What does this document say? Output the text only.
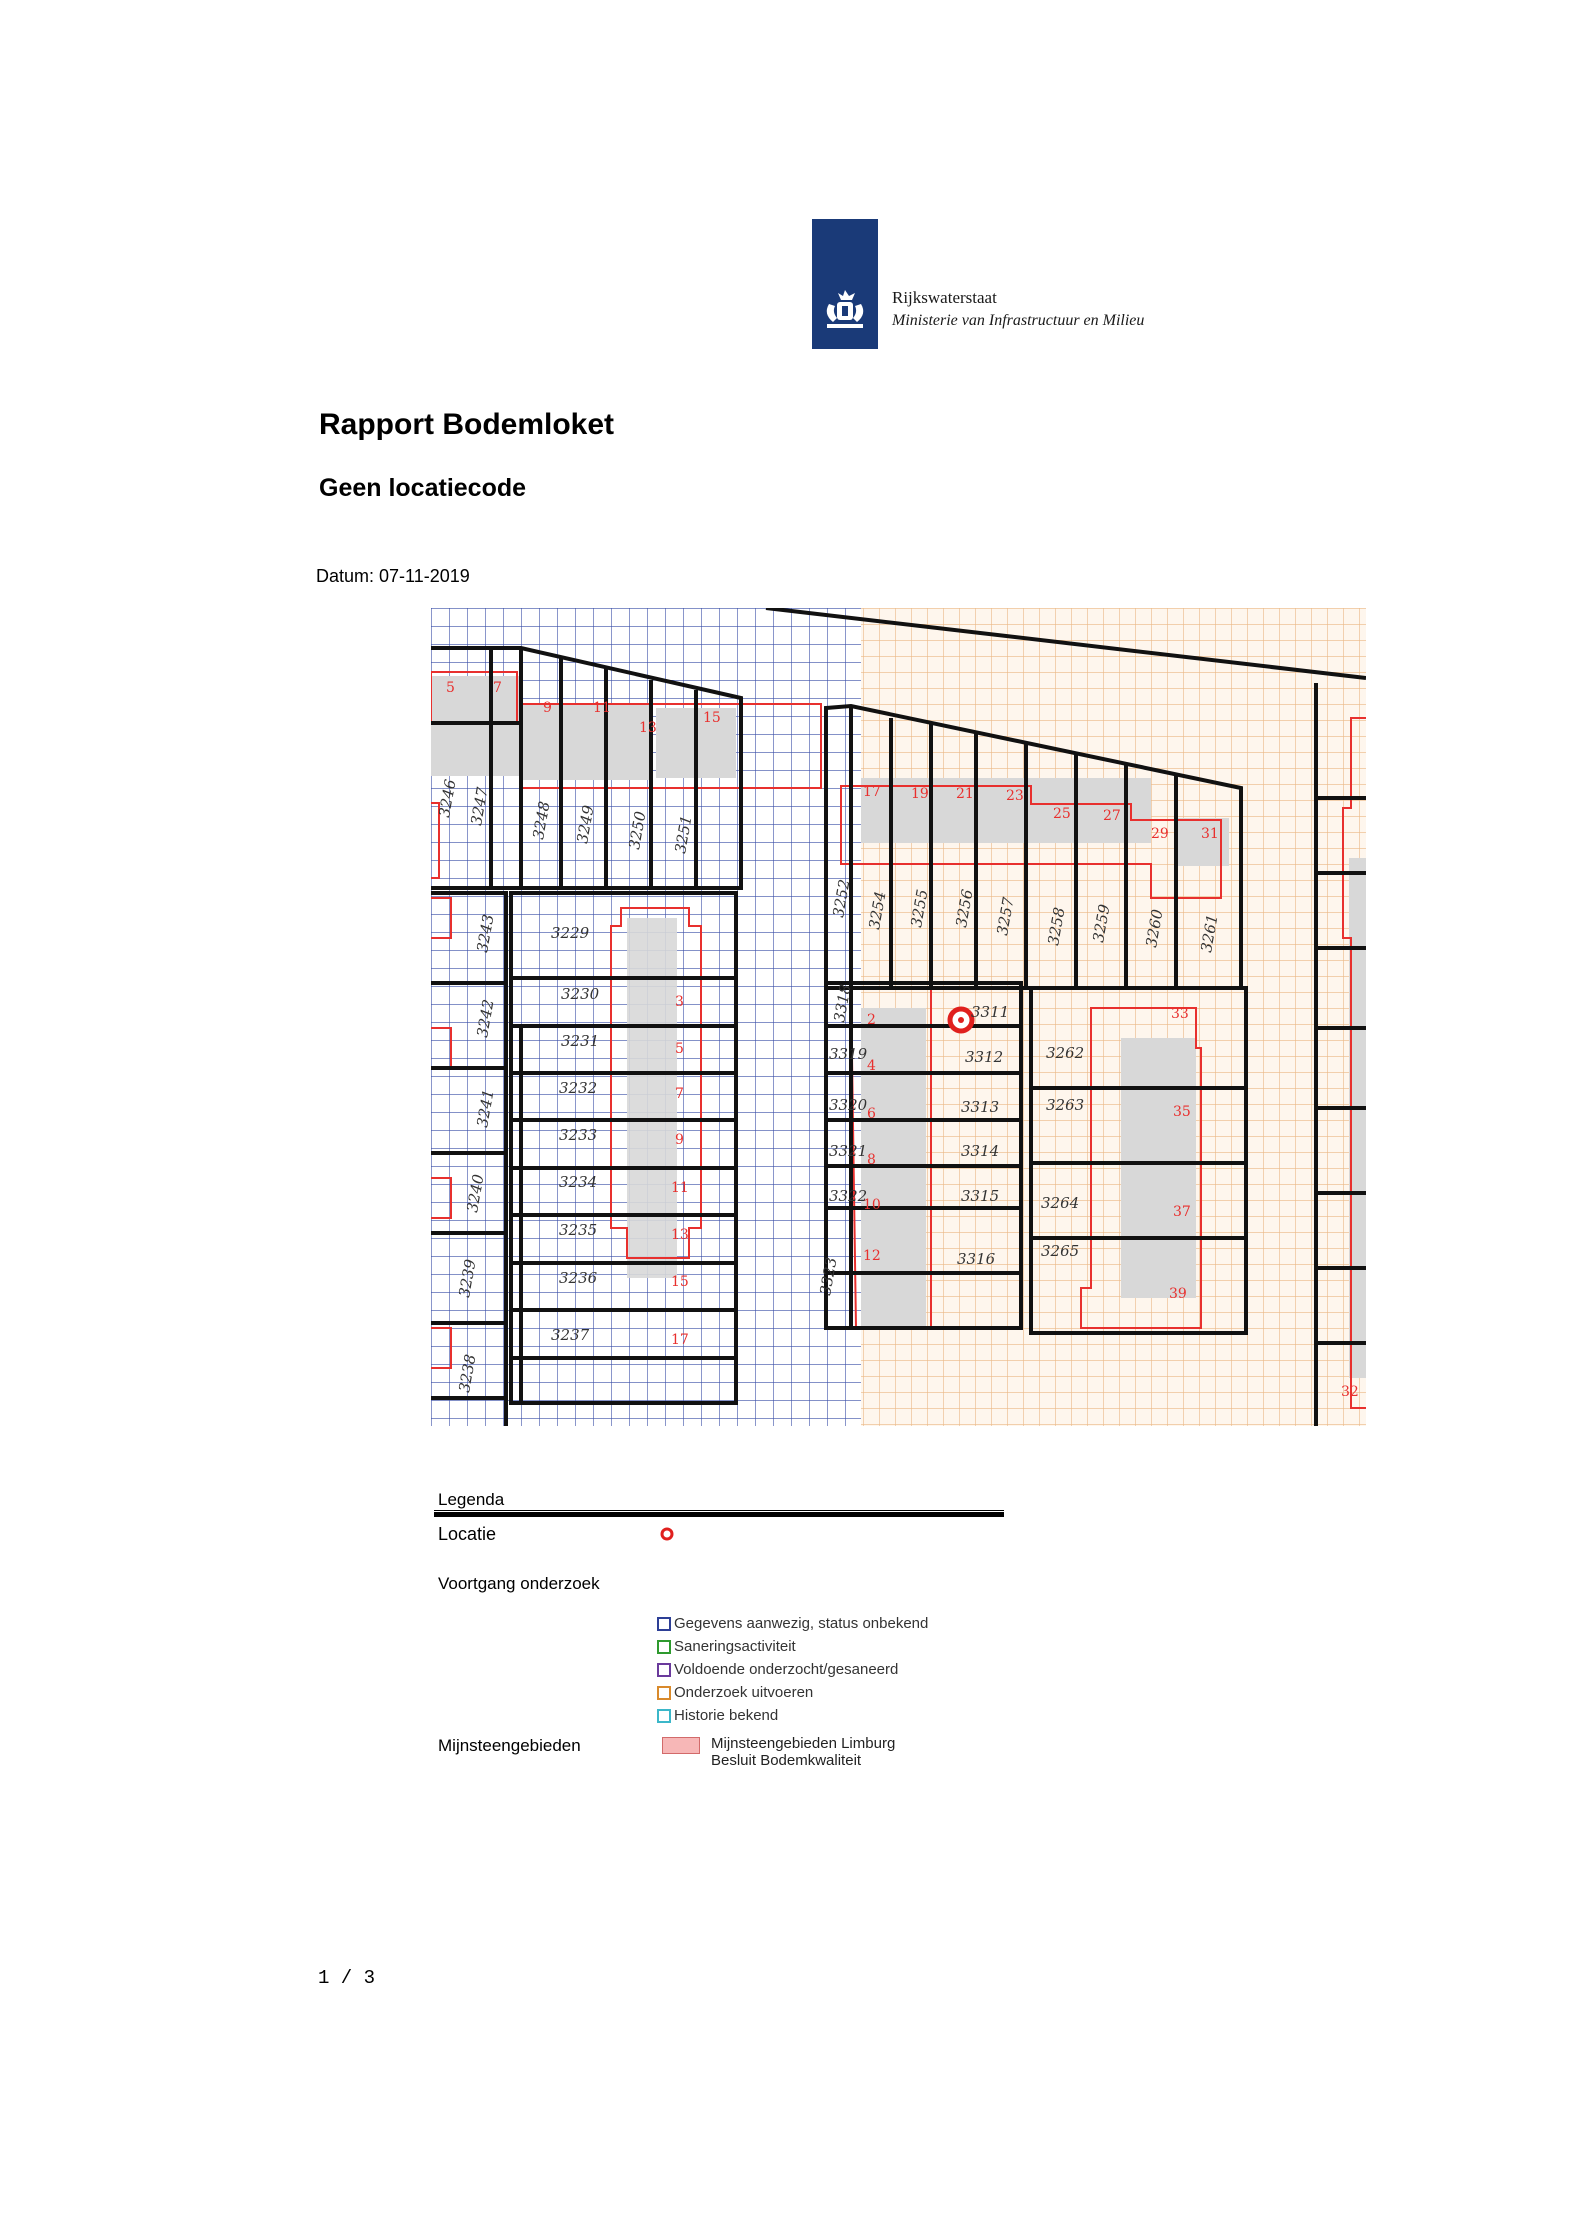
Rijkswaterstaat
Ministerie van Infrastructuur en Milieu
Rapport Bodemloket
Geen locatiecode
Datum: 07-11-2019
3246 3247	3248 3249 3250 3251
3243
3242
3241
3240
3239
3238
3229
3230
3231
3232
3233
3234
3235
3236
3237
3252 3254 3255 3256 3257 3258 3259 3260 3261
3311
3312
3313
3314
3315
3316
3318
3319
3320
3321
3322
3323
3262
3263
3264
3265
5	7
9	11
13
15
3
5
7
9
11
13
15
17
17 19 21 23
25 27
29 31
2
4
6
8
10
12
33
35
37
39
32
Legenda
Locatie
Voortgang onderzoek
Gegevens aanwezig, status onbekend
Saneringsactiviteit
Voldoende onderzocht/gesaneerd
Onderzoek uitvoeren
Historie bekend
Mijnsteengebieden	Mijnsteengebieden Limburg
Besluit Bodemkwaliteit
1 / 3
